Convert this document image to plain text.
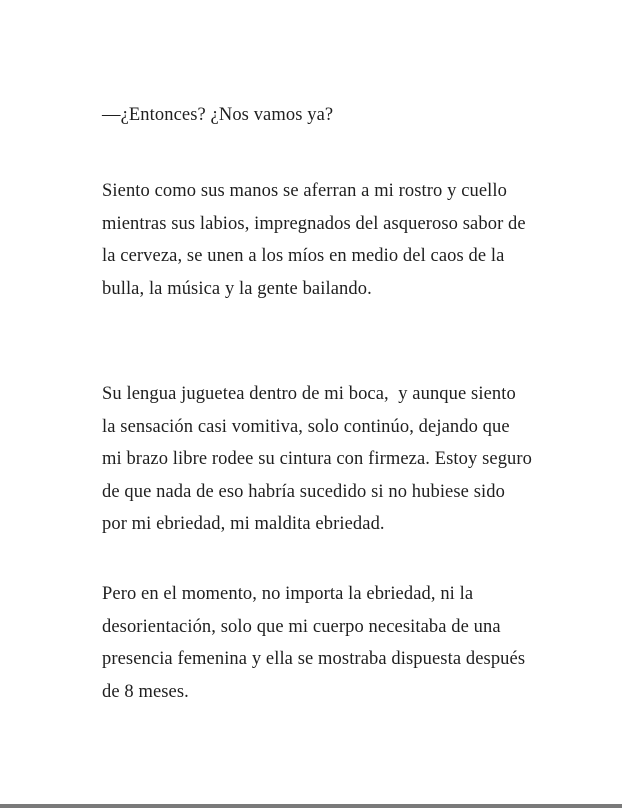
—¿Entonces? ¿Nos vamos ya?
Siento como sus manos se aferran a mi rostro y cuello
mientras sus labios, impregnados del asqueroso sabor de
la cerveza, se unen a los míos en medio del caos de la
bulla, la música y la gente bailando.
Su lengua juguetea dentro de mi boca,  y aunque siento
la sensación casi vomitiva, solo continúo, dejando que
mi brazo libre rodee su cintura con firmeza. Estoy seguro
de que nada de eso habría sucedido si no hubiese sido
por mi ebriedad, mi maldita ebriedad.
Pero en el momento, no importa la ebriedad, ni la
desorientación, solo que mi cuerpo necesitaba de una
presencia femenina y ella se mostraba dispuesta después
de 8 meses.
